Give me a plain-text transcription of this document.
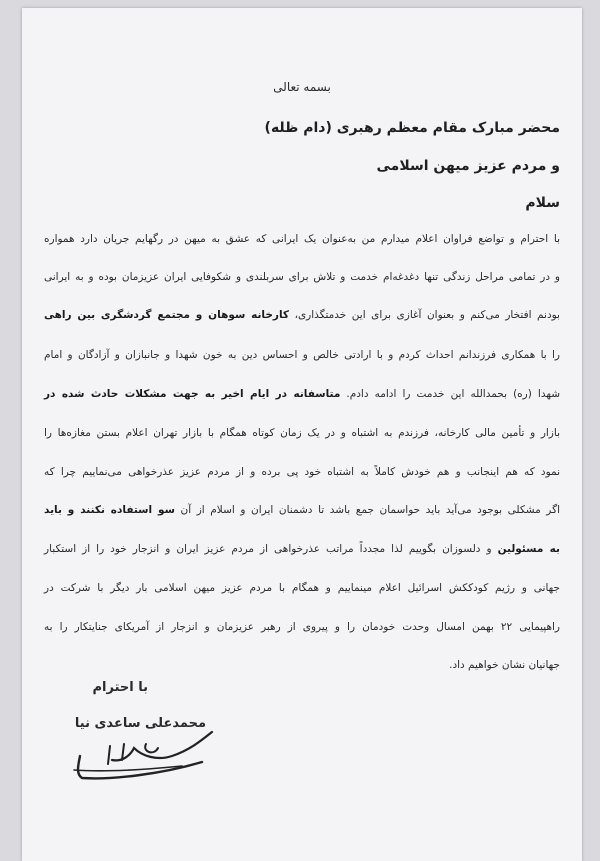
بسمه تعالی
محضر مبارک مقام معظم رهبری (دام ظله)
و مردم عزیز میهن اسلامی
سلام
با احترام و تواضع فراوان اعلام میدارم من به‌عنوان یک ایرانی که عشق به میهن در رگهایم جریان دارد همواره
و در تمامی مراحل زندگی تنها دغدغه‌ام خدمت و تلاش برای سربلندی و شکوفایی ایران عزیزمان بوده و به ایرانی
بودنم افتخار می‌کنم و بعنوان آغازی برای این خدمتگذاری، کارخانه سوهان و مجتمع گردشگری بین راهی
را با همکاری فرزندانم احداث کردم و با ارادتی خالص و احساس دین به خون شهدا و جانبازان و آزادگان و امام
شهدا (ره) بحمدالله این خدمت را ادامه دادم. متاسفانه در ایام اخیر به جهت مشکلات حادث شده در
بازار و تأمین مالی کارخانه، فرزندم به اشتباه و در یک زمان کوتاه همگام با بازار تهران اعلام بستن مغازه‌ها را
نمود که هم اینجانب و هم خودش کاملاً به اشتباه خود پی برده و از مردم عزیز عذرخواهی می‌نماییم چرا که
اگر مشکلی بوجود می‌آید باید حواسمان جمع باشد تا دشمنان ایران و اسلام از آن سو استفاده نکنند و باید
به مسئولین و دلسوزان بگوییم لذا مجدداً مراتب عذرخواهی از مردم عزیز ایران و انزجار خود را از استکبار
جهانی و رژیم کودککش اسرائیل اعلام مینماییم و همگام با مردم عزیز میهن اسلامی بار دیگر با شرکت در
راهپیمایی ۲۲ بهمن امسال وحدت خودمان را و پیروی از رهبر عزیزمان و انزجار از آمریکای جنایتکار را به
جهانیان نشان خواهیم داد.
با احترام
محمدعلی ساعدی نیا
